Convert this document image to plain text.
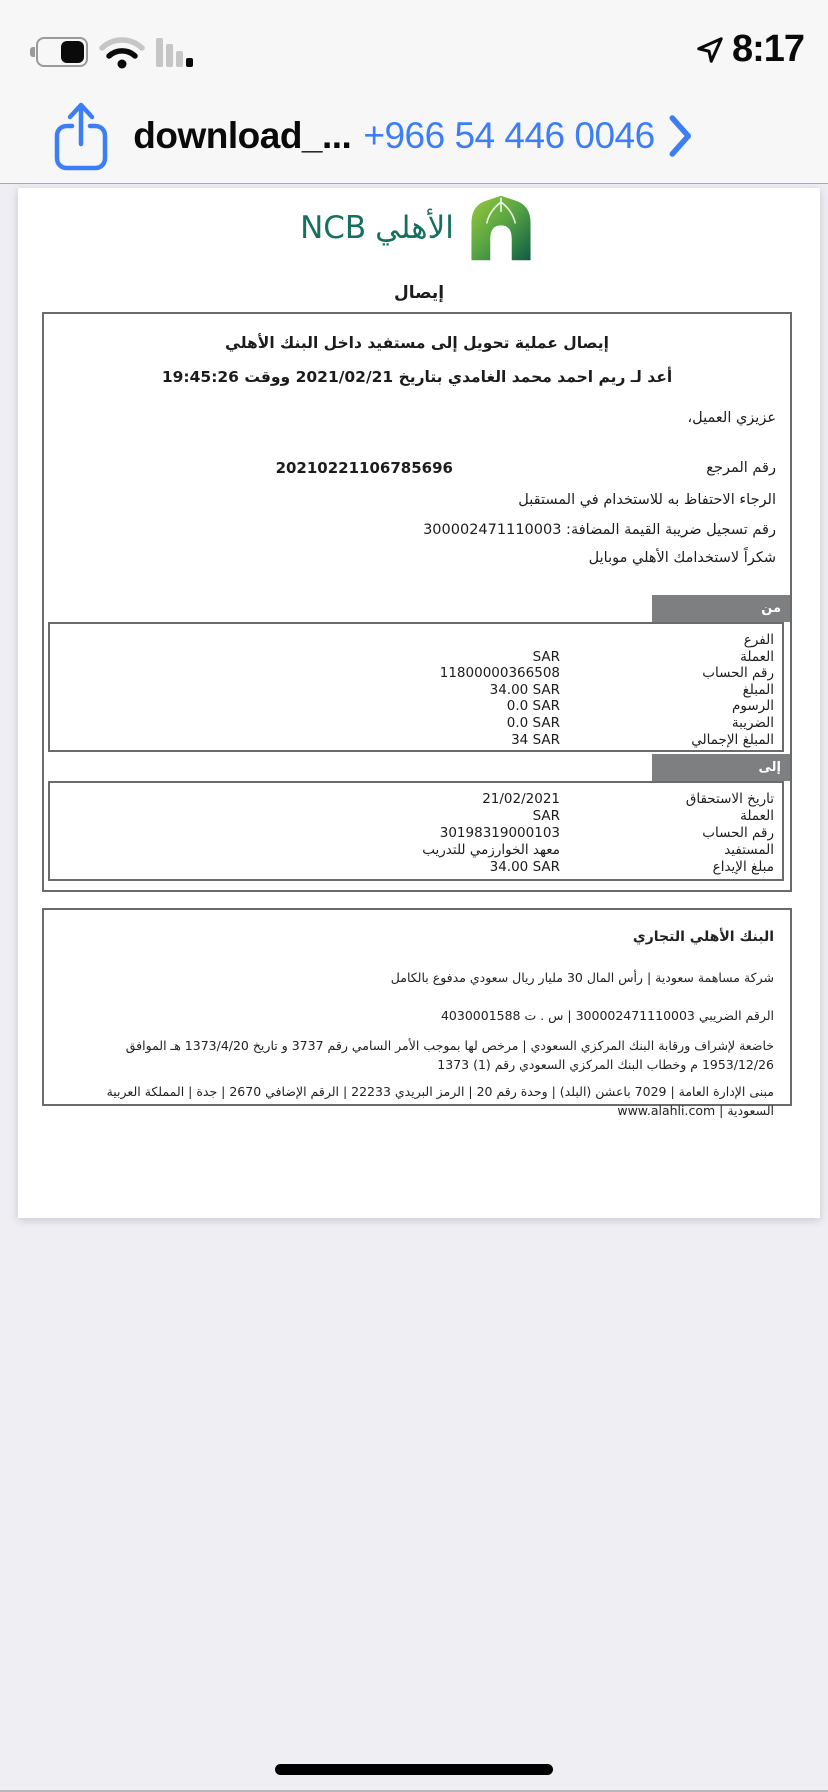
8:17
download_... +966 54 446 0046
NCB الأهلي
إيصال
إيصال عملية تحويل إلى مستفيد داخل البنك الأهلي
أعد لـ ريم احمد محمد الغامدي بتاريخ 2021/02/21 ووقت 19:45:26
عزيزي العميل،
رقم المرجع
20210221106785696
الرجاء الاحتفاظ به للاستخدام في المستقبل
رقم تسجيل ضريبة القيمة المضافة: 300002471110003
شكراً لاستخدامك الأهلي موبايل
من
الفرع
العملة
SAR
رقم الحساب
11800000366508
المبلغ
34.00 SAR
الرسوم
0.0 SAR
الضريبة
0.0 SAR
المبلغ الإجمالي
34 SAR
إلى
تاريخ الاستحقاق
21/02/2021
العملة
SAR
رقم الحساب
30198319000103
المستفيد
معهد الخوارزمي للتدريب
مبلغ الإيداع
34.00 SAR
البنك الأهلي التجاري
شركة مساهمة سعودية | رأس المال 30 مليار ريال سعودي مدفوع بالكامل
الرقم الضريبي 300002471110003 | س . ت 4030001588
خاضعة لإشراف ورقابة البنك المركزي السعودي | مرخص لها بموجب الأمر السامي رقم 3737 و تاريخ 1373/4/20 هـ الموافق 1953/12/26 م وخطاب البنك المركزي السعودي رقم (1) 1373
مبنى الإدارة العامة | 7029 باعشن (البلد) | وحدة رقم 20 | الرمز البريدي 22233 | الرقم الإضافي 2670 | جدة | المملكة العربية السعودية | www.alahli.com
